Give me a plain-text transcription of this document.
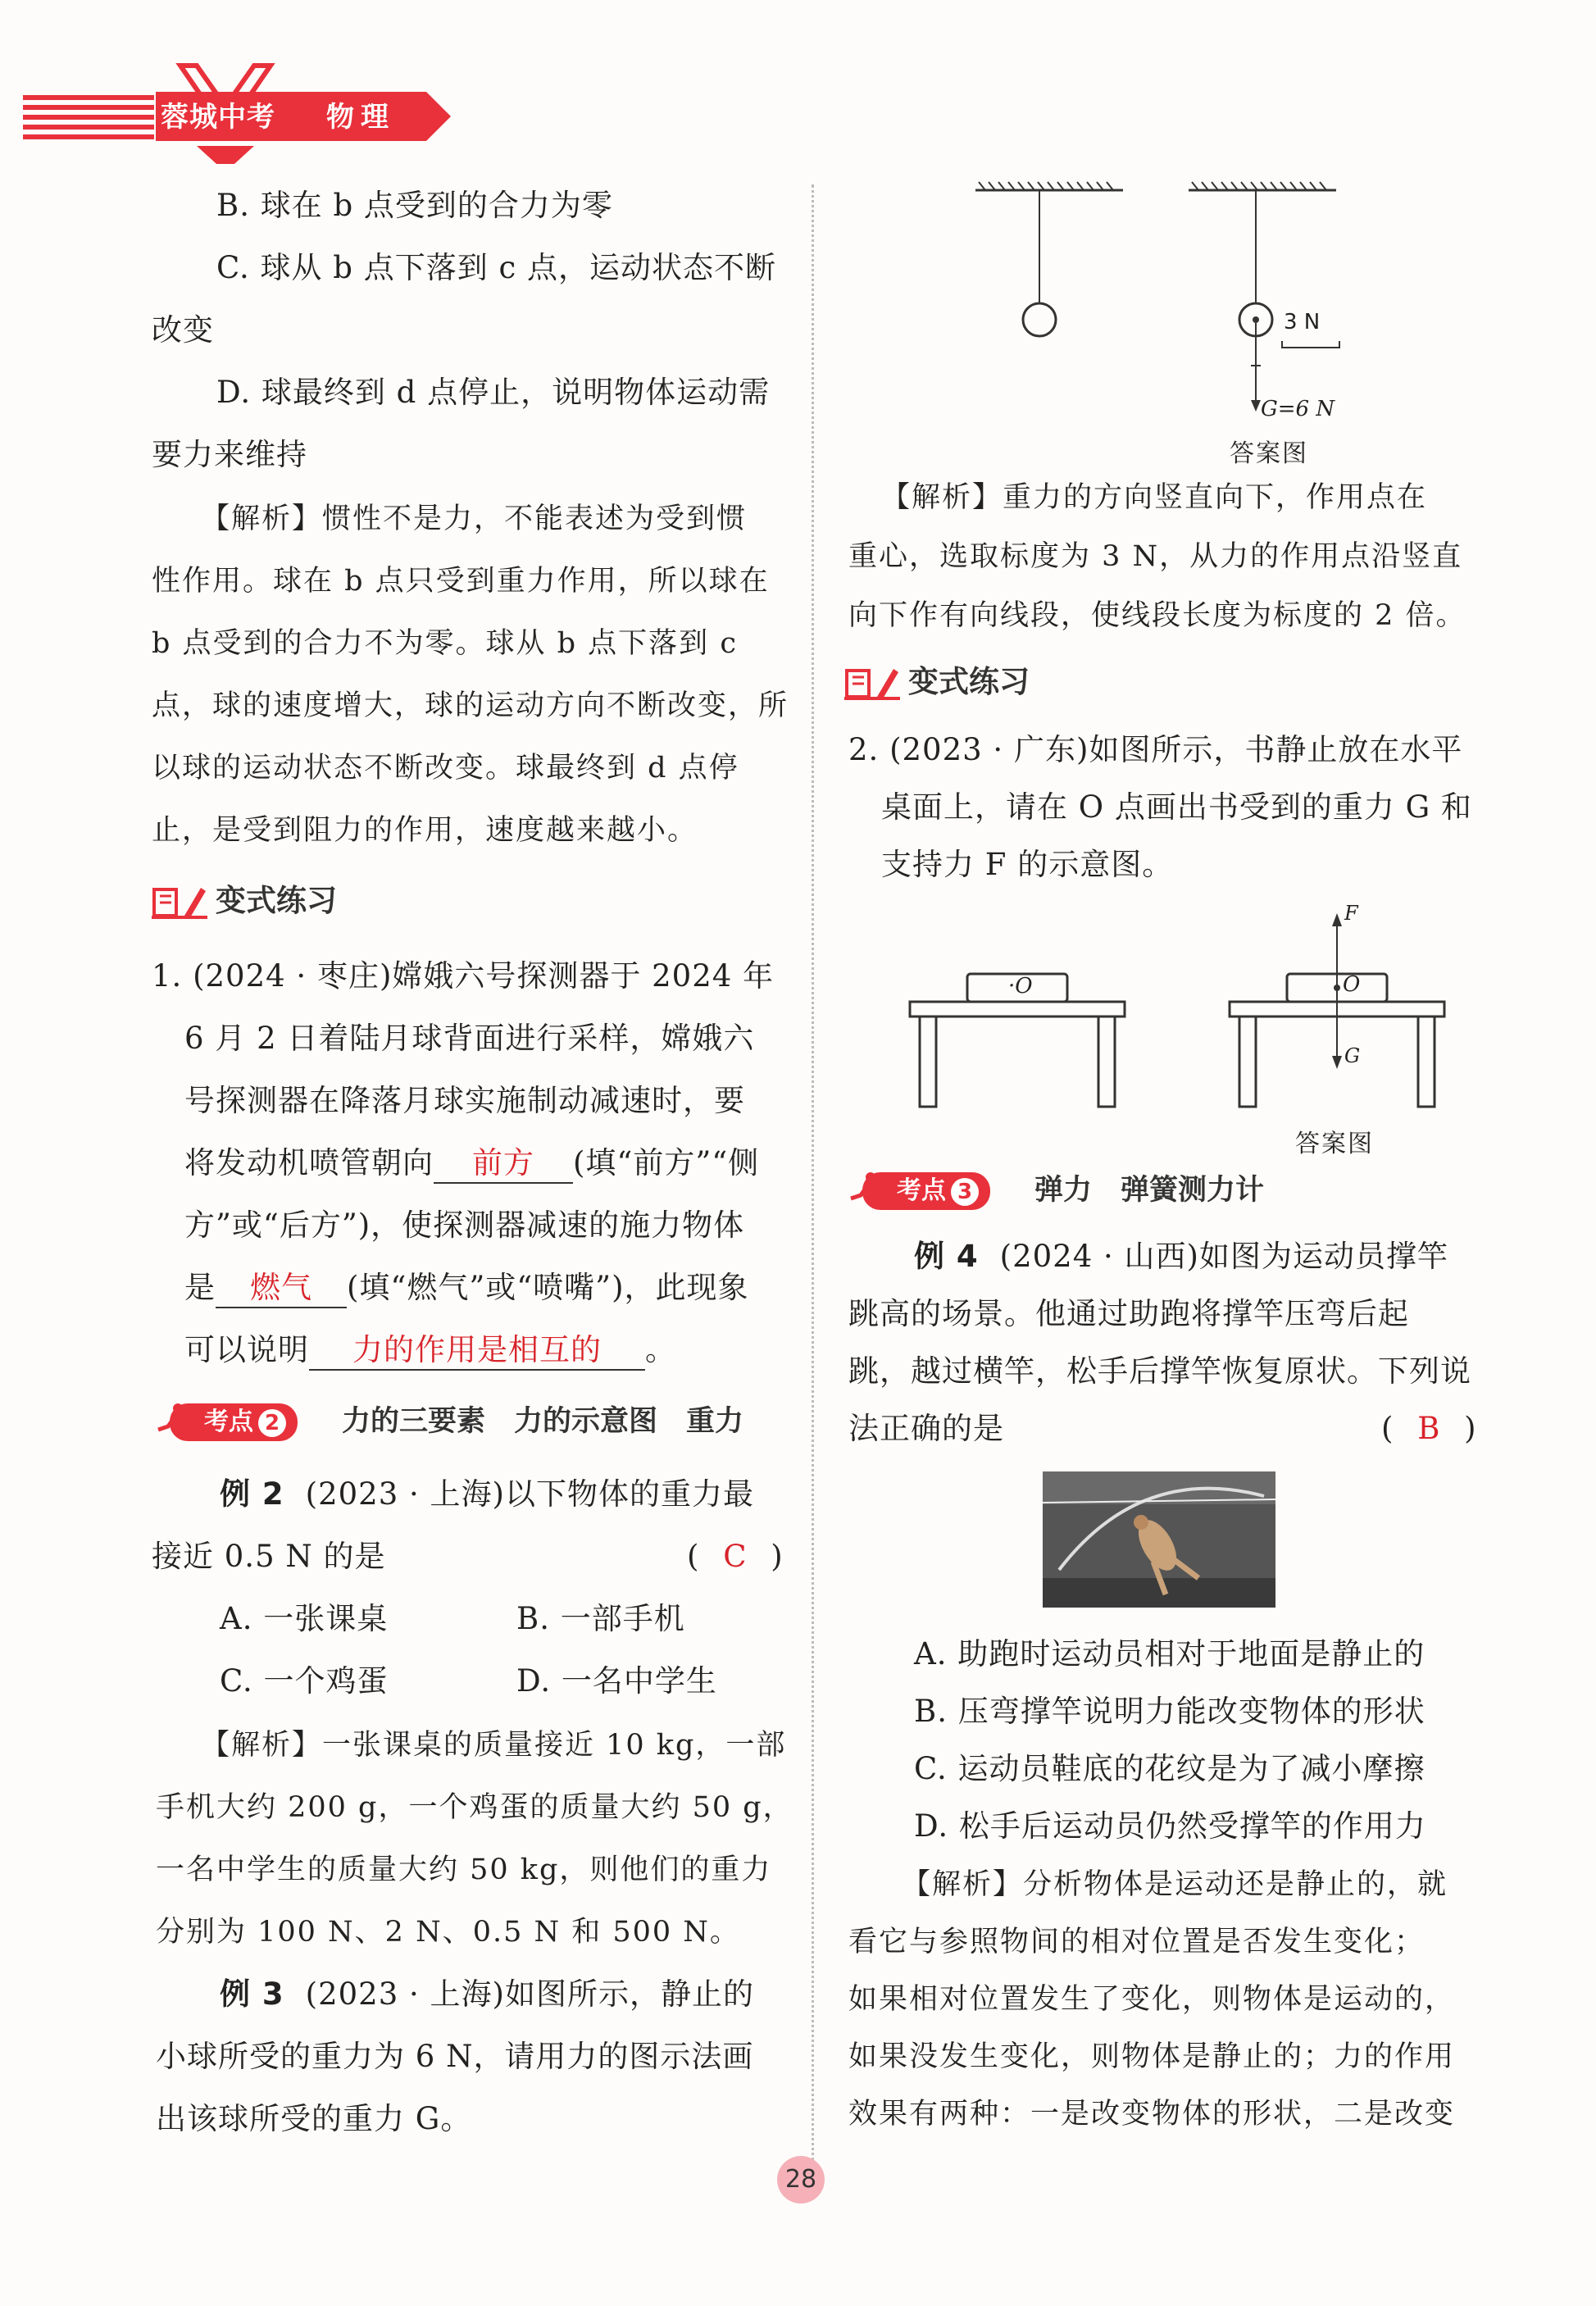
蓉城中考 物理
B. 球在 b 点受到的合力为零
C. 球从 b 点下落到 c 点，运动状态不断
改变
D. 球最终到 d 点停止，说明物体运动需
要力来维持
【解析】惯性不是力，不能表述为受到惯
性作用。球在 b 点只受到重力作用，所以球在
b 点受到的合力不为零。球从 b 点下落到 c
点，球的速度增大，球的运动方向不断改变，所
以球的运动状态不断改变。球最终到 d 点停
止，是受到阻力的作用，速度越来越小。
变式练习
1. (2024 · 枣庄)嫦娥六号探测器于 2024 年
6 月 2 日着陆月球背面进行采样，嫦娥六
号探测器在降落月球实施制动减速时，要
将发动机喷管朝向 前方 (填“前方”“侧
方”或“后方”)，使探测器减速的施力物体
是 燃气 (填“燃气”或“喷嘴”)，此现象
可以说明 力的作用是相互的 。
考点 2	力的三要素　力的示意图　重力
例 2 (2023 · 上海)以下物体的重力最
接近 0.5 N 的是	( C )
A. 一张课桌	B. 一部手机
C. 一个鸡蛋	D. 一名中学生
【解析】一张课桌的质量接近 10 kg，一部
手机大约 200 g，一个鸡蛋的质量大约 50 g，
一名中学生的质量大约 50 kg，则他们的重力
分别为 100 N、2 N、0.5 N 和 500 N。
例 3 (2023 · 上海)如图所示，静止的
小球所受的重力为 6 N，请用力的图示法画
出该球所受的重力 G。
3 N
G=6 N
答案图
【解析】重力的方向竖直向下，作用点在
重心，选取标度为 3 N，从力的作用点沿竖直
向下作有向线段，使线段长度为标度的 2 倍。
变式练习
2. (2023 · 广东)如图所示，书静止放在水平
桌面上，请在 O 点画出书受到的重力 G 和
支持力 F 的示意图。
·O	O
F
G
答案图
考点 3	弹力　弹簧测力计
例 4 (2024 · 山西)如图为运动员撑竿
跳高的场景。他通过助跑将撑竿压弯后起
跳，越过横竿，松手后撑竿恢复原状。下列说
法正确的是	( B )
A. 助跑时运动员相对于地面是静止的
B. 压弯撑竿说明力能改变物体的形状
C. 运动员鞋底的花纹是为了减小摩擦
D. 松手后运动员仍然受撑竿的作用力
【解析】分析物体是运动还是静止的，就
看它与参照物间的相对位置是否发生变化；
如果相对位置发生了变化，则物体是运动的，
如果没发生变化，则物体是静止的；力的作用
效果有两种：一是改变物体的形状，二是改变
28
